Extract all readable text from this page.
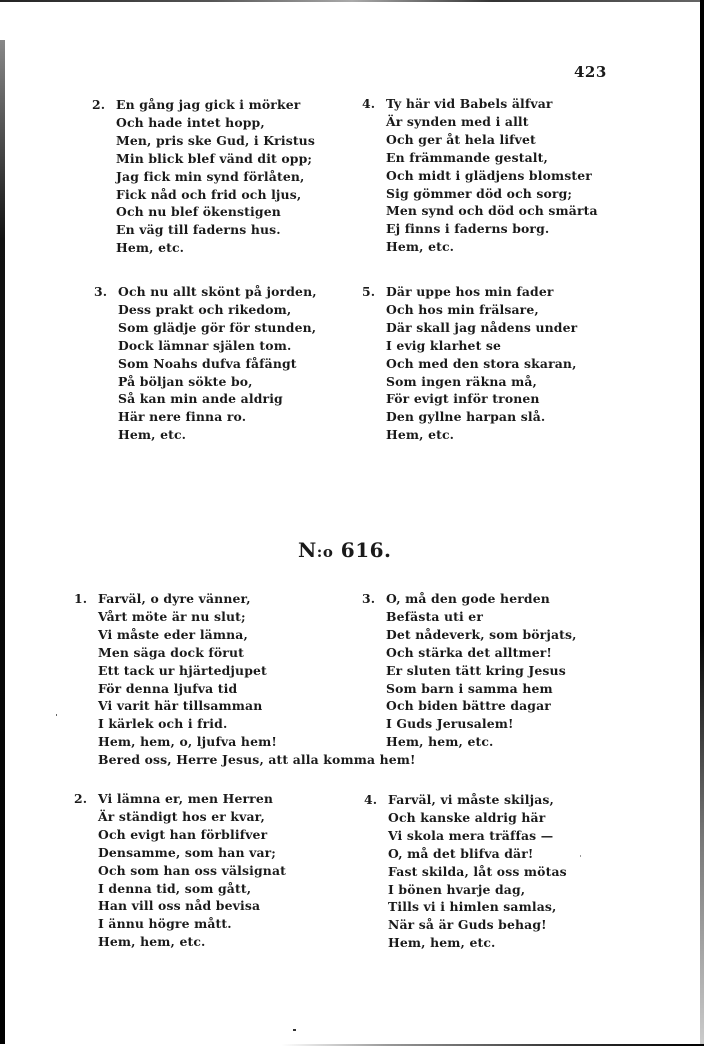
423
2. En gång jag gick i mörker
Och hade intet hopp,
Men, pris ske Gud, i Kristus
Min blick blef vänd dit opp;
Jag fick min synd förlåten,
Fick nåd och frid och ljus,
Och nu blef ökenstigen
En väg till faderns hus.
Hem, etc.
4. Ty här vid Babels älfvar
Är synden med i allt
Och ger åt hela lifvet
En främmande gestalt,
Och midt i glädjens blomster
Sig gömmer död och sorg;
Men synd och död och smärta
Ej finns i faderns borg.
Hem, etc.
3. Och nu allt skönt på jorden,
Dess prakt och rikedom,
Som glädje gör för stunden,
Dock lämnar själen tom.
Som Noahs dufva fåfängt
På böljan sökte bo,
Så kan min ande aldrig
Här nere finna ro.
Hem, etc.
5. Där uppe hos min fader
Och hos min frälsare,
Där skall jag nådens under
I evig klarhet se
Och med den stora skaran,
Som ingen räkna må,
För evigt inför tronen
Den gyllne harpan slå.
Hem, etc.
N:o 616.
1. Farväl, o dyre vänner,
Vårt möte är nu slut;
Vi måste eder lämna,
Men säga dock förut
Ett tack ur hjärtedjupet
För denna ljufva tid
Vi varit här tillsamman
I kärlek och i frid.
Hem, hem, o, ljufva hem!
Bered oss, Herre Jesus, att alla komma hem!
3. O, må den gode herden
Befästa uti er
Det nådeverk, som börjats,
Och stärka det alltmer!
Er sluten tätt kring Jesus
Som barn i samma hem
Och biden bättre dagar
I Guds Jerusalem!
Hem, hem, etc.
2. Vi lämna er, men Herren
Är ständigt hos er kvar,
Och evigt han förblifver
Densamme, som han var;
Och som han oss välsignat
I denna tid, som gått,
Han vill oss nåd bevisa
I ännu högre mått.
Hem, hem, etc.
4. Farväl, vi måste skiljas,
Och kanske aldrig här
Vi skola mera träffas —
O, må det blifva där!
Fast skilda, låt oss mötas
I bönen hvarje dag,
Tills vi i himlen samlas,
När så är Guds behag!
Hem, hem, etc.
